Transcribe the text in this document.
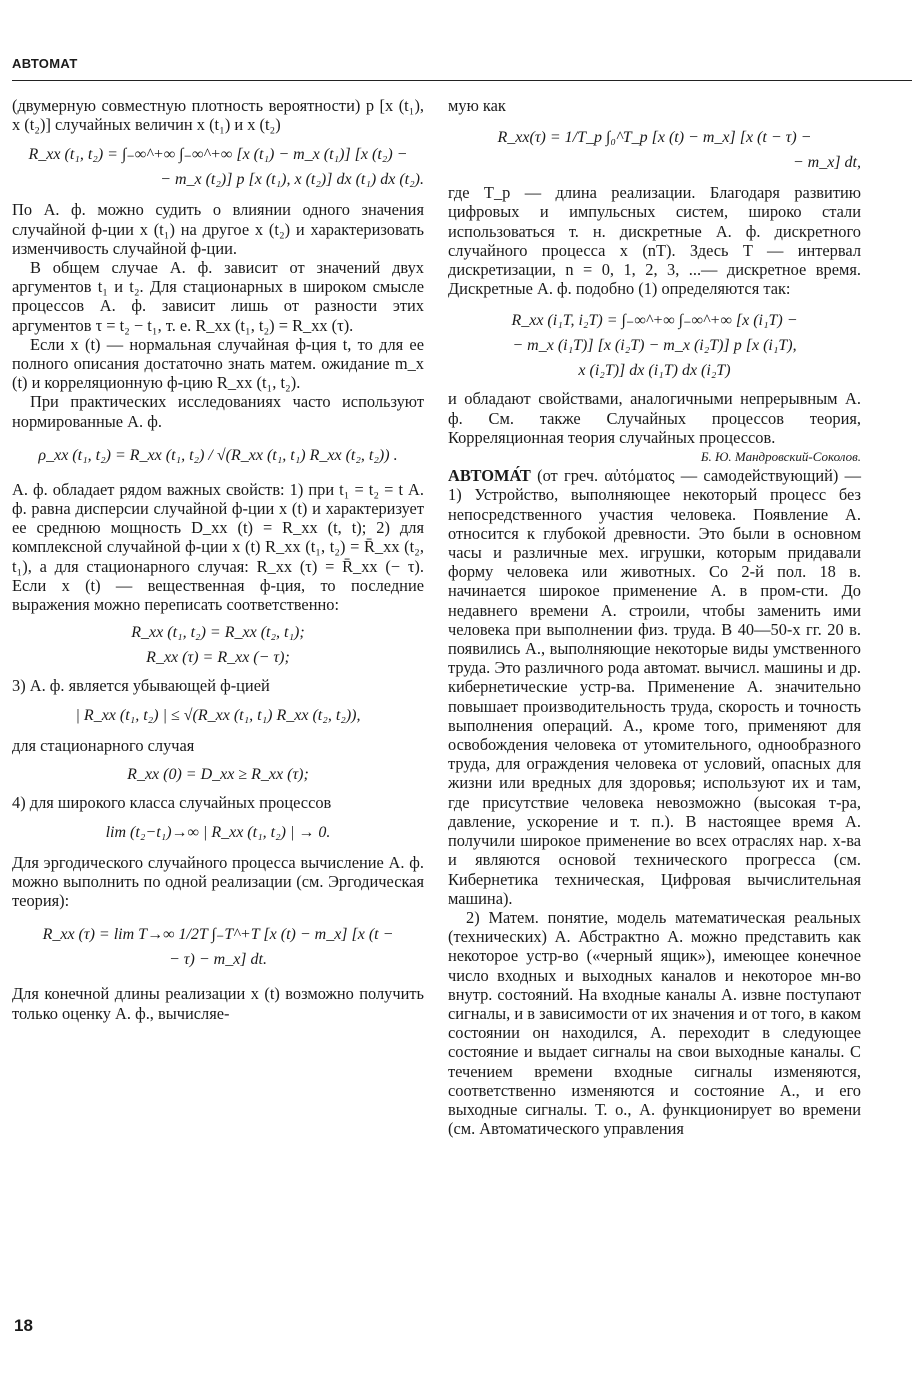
АВТОМАТ

(двумерную совместную плотность вероятности) p [x (t₁), x (t₂)] случайных величин x (t₁) и x (t₂)

R_xx (t₁, t₂) = ∫₋∞^+∞ ∫₋∞^+∞ [x (t₁) − m_x (t₁)] [x (t₂) −
− m_x (t₂)] p [x (t₁), x (t₂)] dx (t₁) dx (t₂).

По А. ф. можно судить о влиянии одного значения случайной ф-ции x (t₁) на другое x (t₂) и характеризовать изменчивость случайной ф-ции.

В общем случае А. ф. зависит от значений двух аргументов t₁ и t₂. Для стационарных в широком смысле процессов А. ф. зависит лишь от разности этих аргументов τ = t₂ − t₁, т. е. R_xx (t₁, t₂) = R_xx (τ).

Если x (t) — нормальная случайная ф-ция t, то для ее полного описания достаточно знать матем. ожидание m_x (t) и корреляционную ф-цию R_xx (t₁, t₂).

При практических исследованиях часто используют нормированные А. ф.

ρ_xx (t₁, t₂) = R_xx (t₁, t₂) / √(R_xx (t₁, t₁) R_xx (t₂, t₂)) .

А. ф. обладает рядом важных свойств: 1) при t₁ = t₂ = t А. ф. равна дисперсии случайной ф-ции x (t) и характеризует ее среднюю мощность D_xx (t) = R_xx (t, t); 2) для комплексной случайной ф-ции x (t) R_xx (t₁, t₂) = R̄_xx (t₂, t₁), а для стационарного случая: R_xx (τ) = R̄_xx (− τ). Если x (t) — вещественная ф-ция, то последние выражения можно переписать соответственно:

R_xx (t₁, t₂) = R_xx (t₂, t₁);
R_xx (τ) = R_xx (− τ);

3) А. ф. является убывающей ф-цией

| R_xx (t₁, t₂) | ≤ √(R_xx (t₁, t₁) R_xx (t₂, t₂)),

для стационарного случая

R_xx (0) = D_xx ≥ R_xx (τ);

4) для широкого класса случайных процессов

lim (t₂−t₁)→∞ | R_xx (t₁, t₂) | → 0.

Для эргодического случайного процесса вычисление А. ф. можно выполнить по одной реализации (см. Эргодическая теория):

R_xx (τ) = lim T→∞ 1/2T ∫₋T^+T [x (t) − m_x] [x (t −
− τ) − m_x] dt.

Для конечной длины реализации x (t) возможно получить только оценку А. ф., вычисляе-

мую как

R_xx(τ) = 1/T_p ∫₀^T_p [x (t) − m_x] [x (t − τ) −
− m_x] dt,

где T_p — длина реализации. Благодаря развитию цифровых и импульсных систем, широко стали использоваться т. н. дискретные А. ф. дискретного случайного процесса x (nT). Здесь T — интервал дискретизации, n = 0, 1, 2, 3, ...— дискретное время. Дискретные А. ф. подобно (1) определяются так:

R_xx (i₁T, i₂T) = ∫₋∞^+∞ ∫₋∞^+∞ [x (i₁T) −
− m_x (i₁T)] [x (i₂T) − m_x (i₂T)] p [x (i₁T),
x (i₂T)] dx (i₁T) dx (i₂T)

и обладают свойствами, аналогичными непрерывным А. ф. См. также Случайных процессов теория, Корреляционная теория случайных процессов.

Б. Ю. Мандровский-Соколов.

АВТОМА́Т (от греч. αὐτόματος — самодействующий) — 1) Устройство, выполняющее некоторый процесс без непосредственного участия человека. Появление А. относится к глубокой древности. Это были в основном часы и различные мех. игрушки, которым придавали форму человека или животных. Со 2-й пол. 18 в. начинается широкое применение А. в пром-сти. До недавнего времени А. строили, чтобы заменить ими человека при выполнении физ. труда. В 40—50-х гг. 20 в. появились А., выполняющие некоторые виды умственного труда. Это различного рода автомат. вычисл. машины и др. кибернетические устр-ва. Применение А. значительно повышает производительность труда, скорость и точность выполнения операций. А., кроме того, применяют для освобождения человека от утомительного, однообразного труда, для ограждения человека от условий, опасных для жизни или вредных для здоровья; используют их и там, где присутствие человека невозможно (высокая т-ра, давление, ускорение и т. п.). В настоящее время А. получили широкое применение во всех отраслях нар. х-ва и являются основой технического прогресса (см. Кибернетика техническая, Цифровая вычислительная машина).

2) Матем. понятие, модель математическая реальных (технических) А. Абстрактно А. можно представить как некоторое устр-во («черный ящик»), имеющее конечное число входных и выходных каналов и некоторое мн-во внутр. состояний. На входные каналы А. извне поступают сигналы, и в зависимости от их значения и от того, в каком состоянии он находился, А. переходит в следующее состояние и выдает сигналы на свои выходные каналы. С течением времени входные сигналы изменяются, соответственно изменяются и состояние А., и его выходные сигналы. Т. о., А. функционирует во времени (см. Автоматического управления

18
